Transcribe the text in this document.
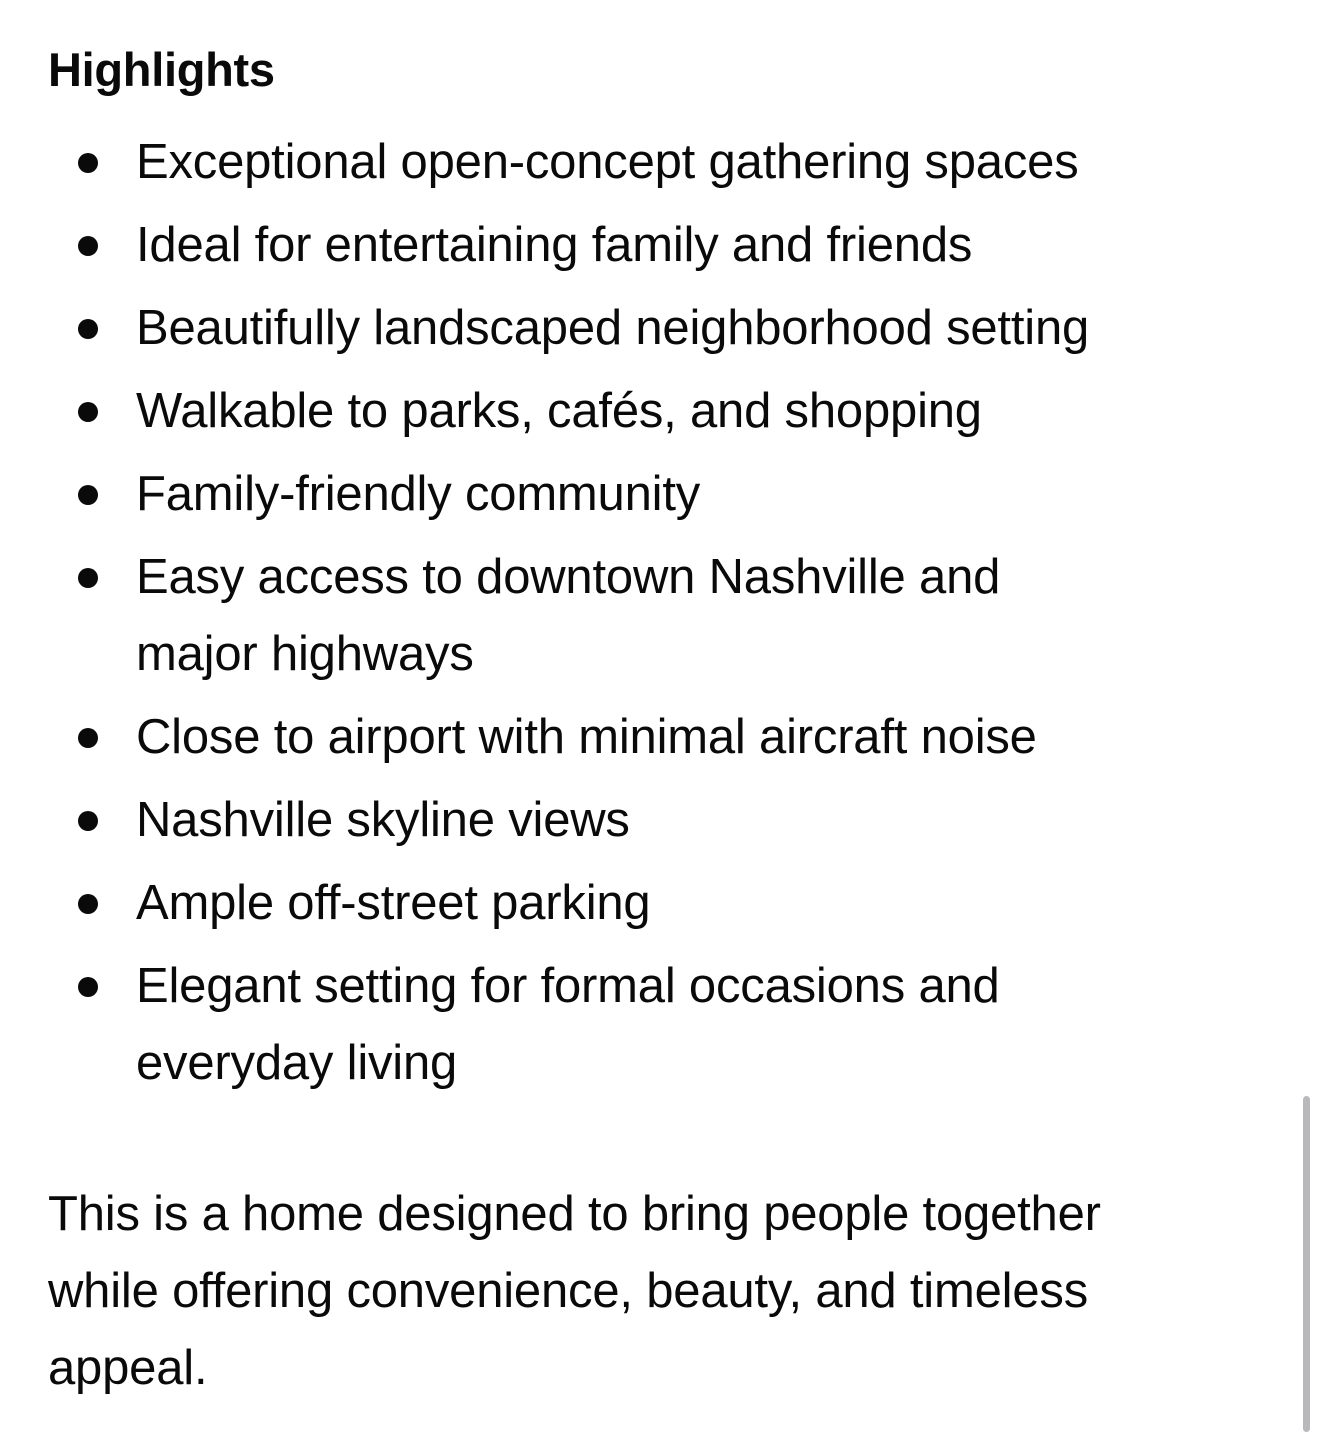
Highlights
Exceptional open-concept gathering spaces
Ideal for entertaining family and friends
Beautifully landscaped neighborhood setting
Walkable to parks, cafés, and shopping
Family-friendly community
Easy access to downtown Nashville and major highways
Close to airport with minimal aircraft noise
Nashville skyline views
Ample off-street parking
Elegant setting for formal occasions and everyday living

This is a home designed to bring people together while offering convenience, beauty, and timeless appeal.
